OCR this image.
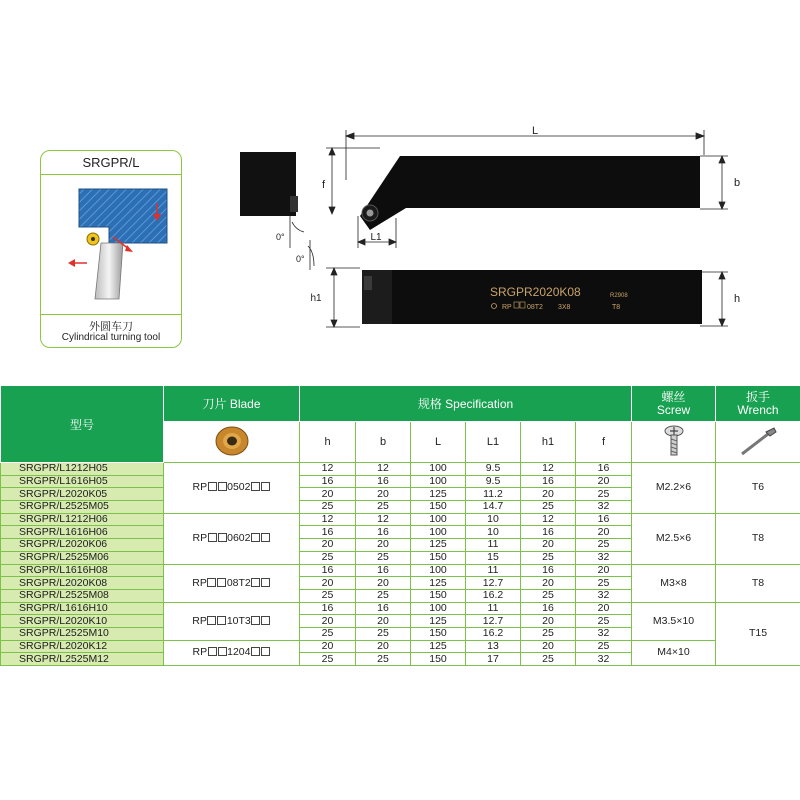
SRGPR/L
外圆车刀
Cylindrical turning tool
L
b
f
L1
h1	h
0°
0°
SRGPR2020K08	R2908
RP 08T2 3X8	T8
型号	刀片 Blade	规格 Specification						螺丝
Screw	扳手
Wrench
	h	b	L	L1	h1	f		
SRGPR/L1212H05	RP 0502	12	12	100	9.5	12	16	M2.2×6	T6
SRGPR/L1616H05		16	16	100	9.5	16	20		
SRGPR/L2020K05		20	20	125	11.2	20	25		
SRGPR/L2525M05		25	25	150	14.7	25	32		
SRGPR/L1212H06	RP 0602	12	12	100	10	12	16	M2.5×6	T8
SRGPR/L1616H06		16	16	100	10	16	20		
SRGPR/L2020K06		20	20	125	11	20	25		
SRGPR/L2525M06		25	25	150	15	25	32		
SRGPR/L1616H08	RP 08T2	16	16	100	11	16	20	M3×8	T8
SRGPR/L2020K08		20	20	125	12.7	20	25		
SRGPR/L2525M08		25	25	150	16.2	25	32		
SRGPR/L1616H10	RP 10T3	16	16	100	11	16	20	M3.5×10	T15
SRGPR/L2020K10		20	20	125	12.7	20	25		
SRGPR/L2525M10		25	25	150	16.2	25	32		
SRGPR/L2020K12	RP 1204	20	20	125	13	20	25	M4×10	
SRGPR/L2525M12		25	25	150	17	25	32		
